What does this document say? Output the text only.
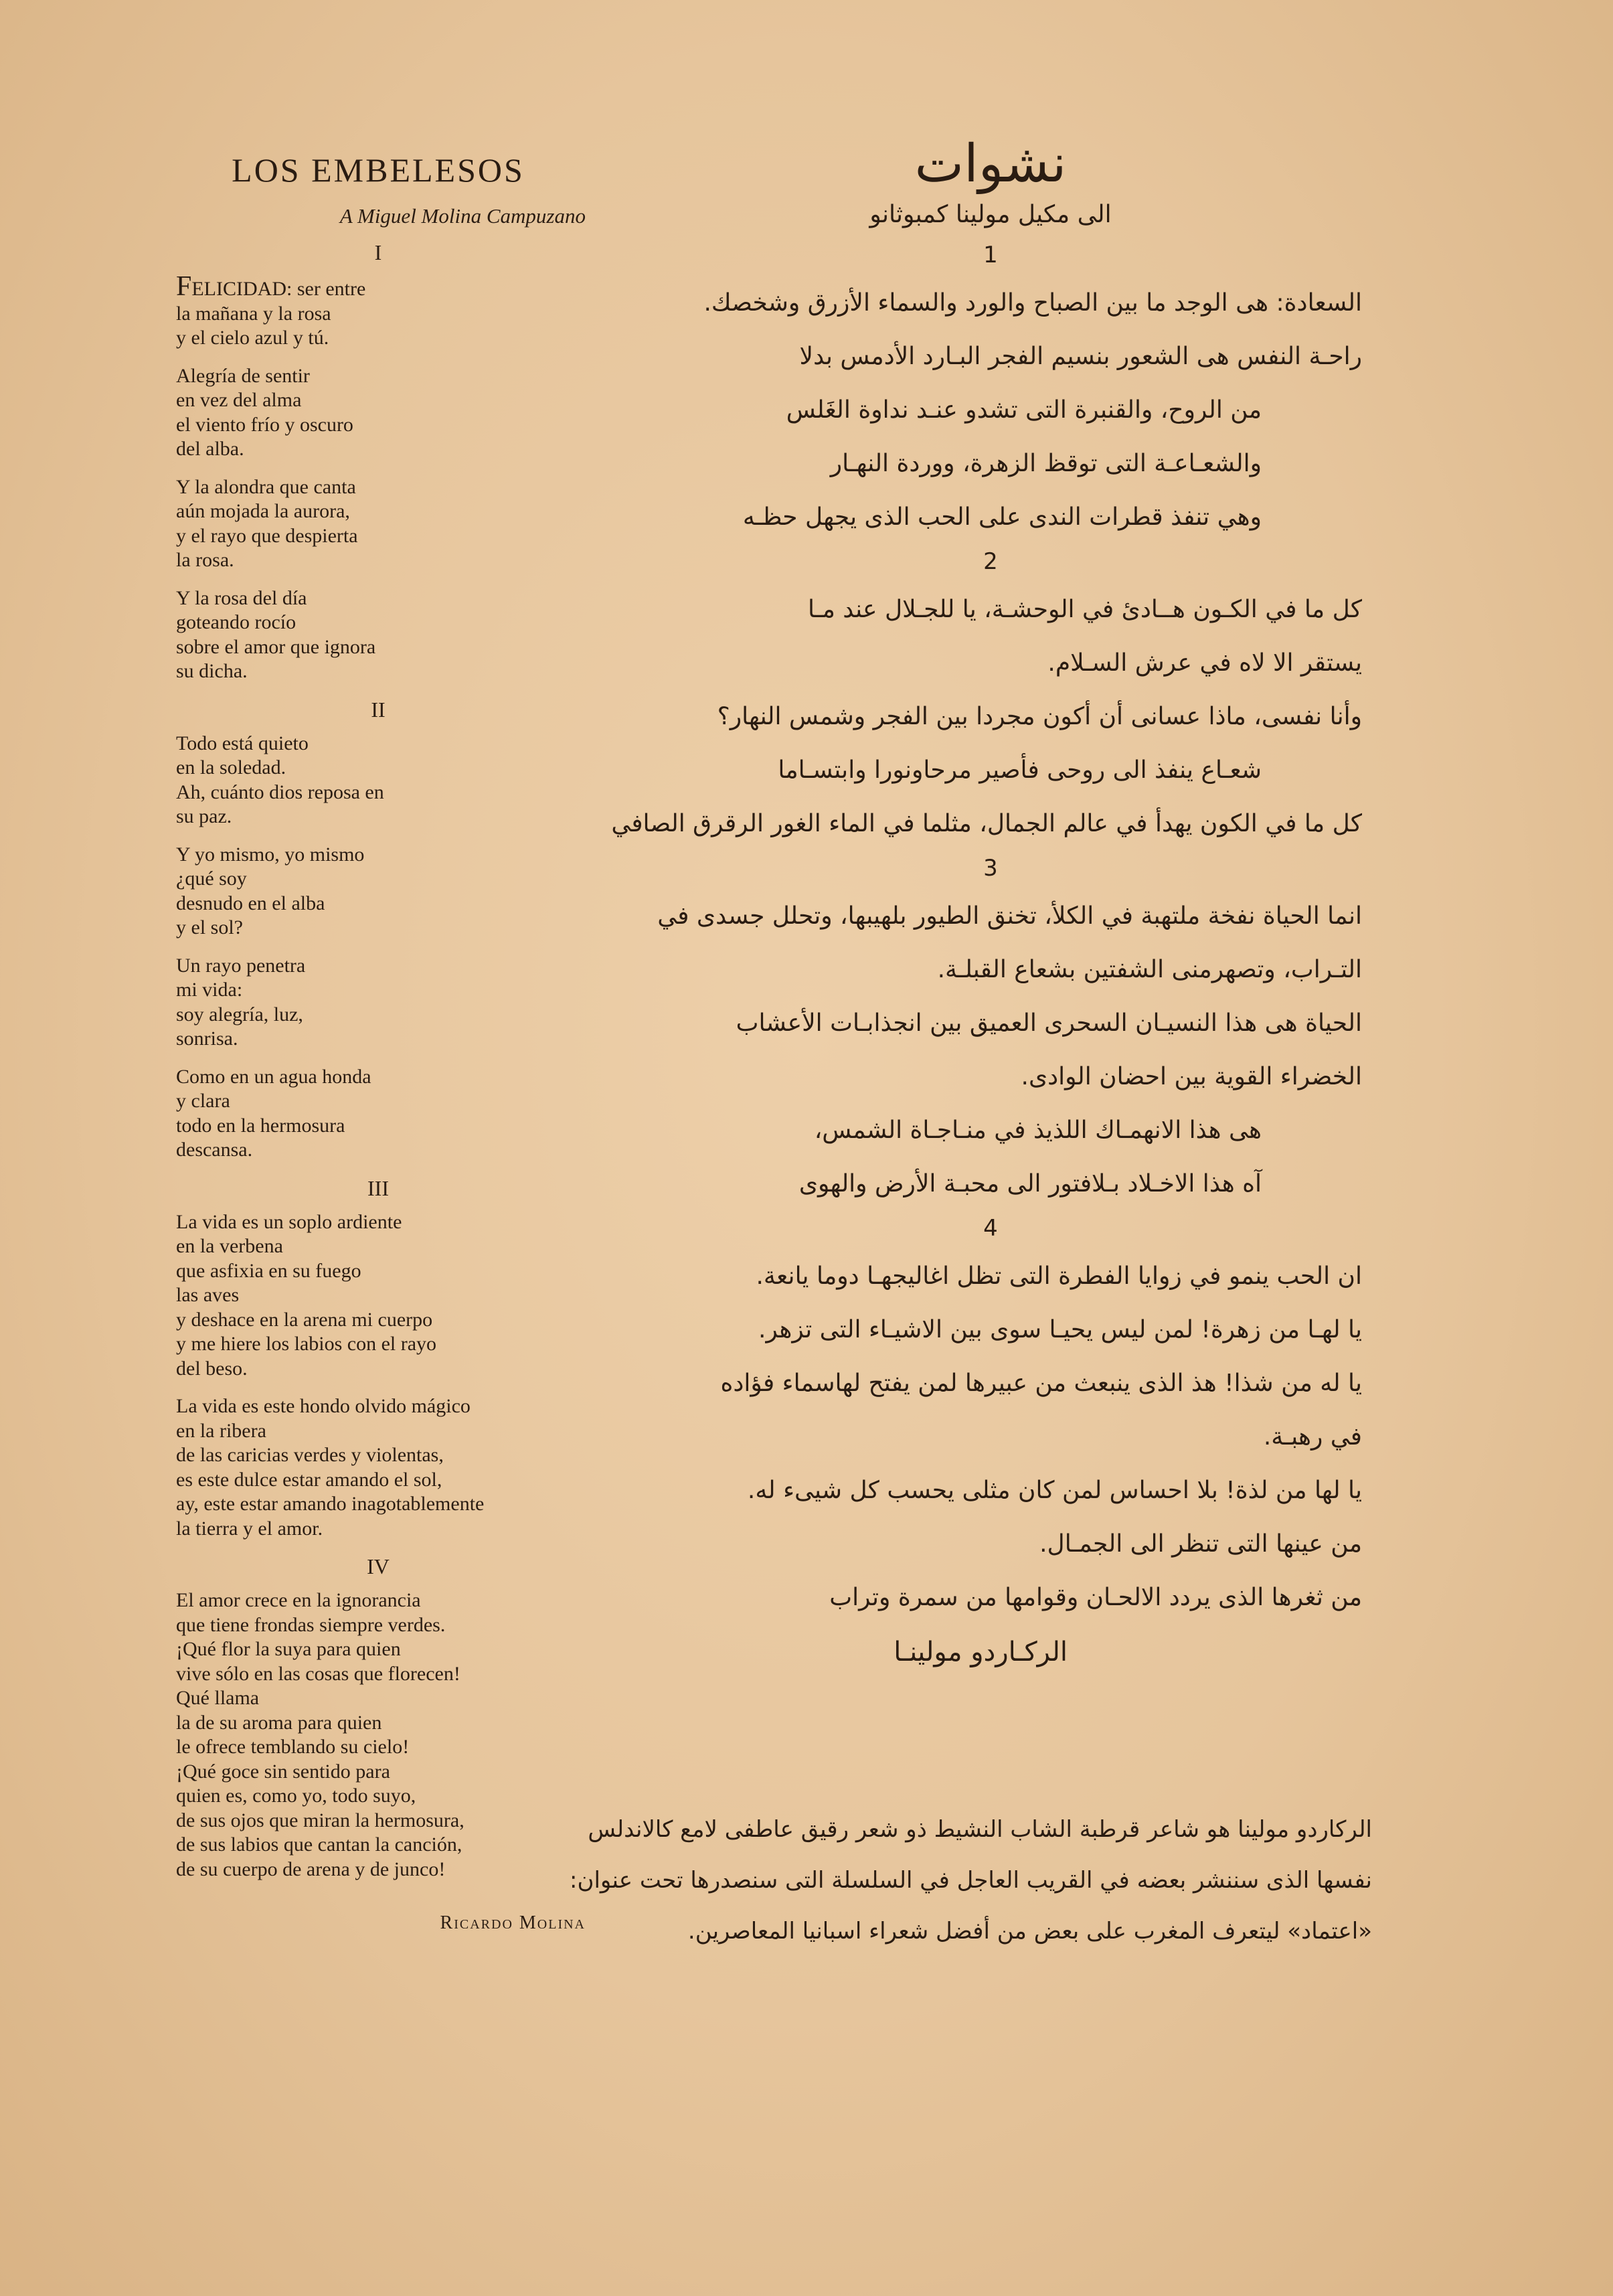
LOS EMBELESOS
A Miguel Molina Campuzano
I
FELICIDAD: ser entre
la mañana y la rosa
y el cielo azul y tú.
Alegría de sentir
en vez del alma
el viento frío y oscuro
del alba.
Y la alondra que canta
aún mojada la aurora,
y el rayo que despierta
la rosa.
Y la rosa del día
goteando rocío
sobre el amor que ignora
su dicha.
II
Todo está quieto
en la soledad.
Ah, cuánto dios reposa en
su paz.
Y yo mismo, yo mismo
¿qué soy
desnudo en el alba
y el sol?
Un rayo penetra
mi vida:
soy alegría, luz,
sonrisa.
Como en un agua honda
y clara
todo en la hermosura
descansa.
III
La vida es un soplo ardiente
en la verbena
que asfixia en su fuego
las aves
y deshace en la arena mi cuerpo
y me hiere los labios con el rayo
del beso.
La vida es este hondo olvido mágico
en la ribera
de las caricias verdes y violentas,
es este dulce estar amando el sol,
ay, este estar amando inagotablemente
la tierra y el amor.
IV
El amor crece en la ignorancia
que tiene frondas siempre verdes.
¡Qué flor la suya para quien
vive sólo en las cosas que florecen!
Qué llama
la de su aroma para quien
le ofrece temblando su cielo!
¡Qué goce sin sentido para
quien es, como yo, todo suyo,
de sus ojos que miran la hermosura,
de sus labios que cantan la canción,
de su cuerpo de arena y de junco!
Ricardo Molina
نشوات
الى مكيل مولينا كمبوثانو
1
السعادة: هى الوجد ما بين الصباح والورد والسماء الأزرق وشخصك.
راحـة النفس هى الشعور بنسيم الفجر البـارد الأدمس بدلا
من الروح، والقنبرة التى تشدو عنـد نداوة الغَلس
والشعـاعـة التى توقظ الزهرة، ووردة النهـار
وهي تنفذ قطرات الندى على الحب الذى يجهل حظـه
2
كل ما في الكـون هــادئ في الوحشـة، يا للجـلال عند مـا
يستقر الا لاه في عرش السـلام.
وأنا نفسى، ماذا عسانى أن أكون مجردا بين الفجر وشمس النهار؟
شعـاع ينفذ الى روحى فأصير مرحاونورا وابتسـاما
كل ما في الكون يهدأ في عالم الجمال، مثلما في الماء الغور الرقرق الصافي
3
انما الحياة نفخة ملتهبة في الكلأ، تخنق الطيور بلهيبها، وتحلل جسدى في
التـراب، وتصهرمنى الشفتين بشعاع القبلـة.
الحياة هى هذا النسيـان السحرى العميق بين انجذابـات الأعشاب
الخضراء القوية بين احضان الوادى.
هى هذا الانهمـاك اللذيذ في منـاجـاة الشمس،
آه هذا الاخـلاد بـلافتور الى محبـة الأرض والهوى
4
ان الحب ينمو في زوايا الفطرة التى تظل اغاليجهـا دوما يانعة.
يا لهـا من زهرة! لمن ليس يحيـا سوى بين الاشيـاء التى تزهر.
يا له من شذا! هذ الذى ينبعث من عبيرها لمن يفتح لهاسماء فؤاده
في رهبـة.
يا لها من لذة! بلا احساس لمن كان مثلى يحسب كل شيىء له.
من عينها التى تنظر الى الجمـال.
من ثغرها الذى يردد الالحـان وقوامها من سمرة وتراب
الركـاردو مولينـا
الركاردو مولينا هو شاعر قرطبة الشاب النشيط ذو شعر رقيق عاطفى لامع كالاندلس
نفسها الذى سننشر بعضه في القريب العاجل في السلسلة التى سنصدرها تحت عنوان:
«اعتماد» ليتعرف المغرب على بعض من أفضل شعراء اسبانيا المعاصرين.
